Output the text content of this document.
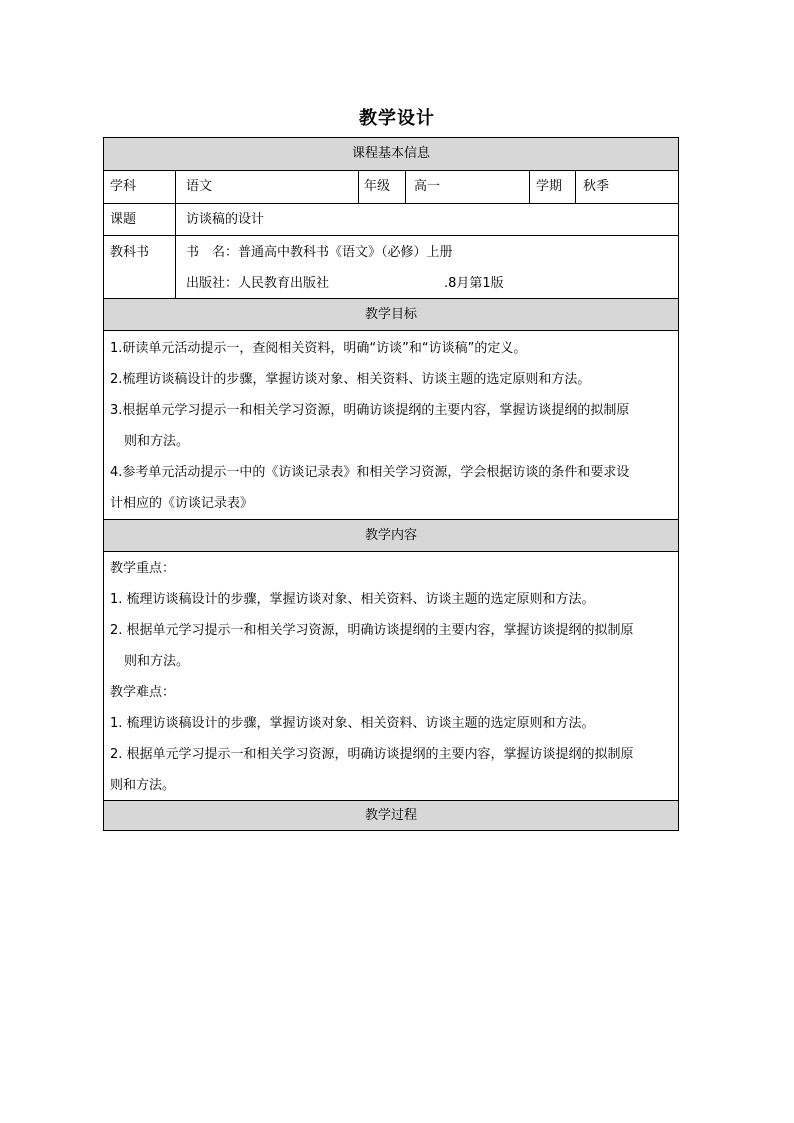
教学设计
课程基本信息
学科	语文	年级 高一	学期 秋季
课题	访谈稿的设计
教科书	书　名：普通高中教科书《语文》（必修）上册
出版社：人民教育出版社	.8月第1版
教学目标
1.研读单元活动提示一，查阅相关资料，明确“访谈”和“访谈稿”的定义。
2.梳理访谈稿设计的步骤，掌握访谈对象、相关资料、访谈主题的选定原则和方法。
3.根据单元学习提示一和相关学习资源，明确访谈提纲的主要内容，掌握访谈提纲的拟制原
则和方法。
4.参考单元活动提示一中的《访谈记录表》和相关学习资源，学会根据访谈的条件和要求设
计相应的《访谈记录表》
教学内容
教学重点：
1. 梳理访谈稿设计的步骤，掌握访谈对象、相关资料、访谈主题的选定原则和方法。
2. 根据单元学习提示一和相关学习资源，明确访谈提纲的主要内容，掌握访谈提纲的拟制原
则和方法。
教学难点：
1. 梳理访谈稿设计的步骤，掌握访谈对象、相关资料、访谈主题的选定原则和方法。
2. 根据单元学习提示一和相关学习资源，明确访谈提纲的主要内容，掌握访谈提纲的拟制原
则和方法。
教学过程
